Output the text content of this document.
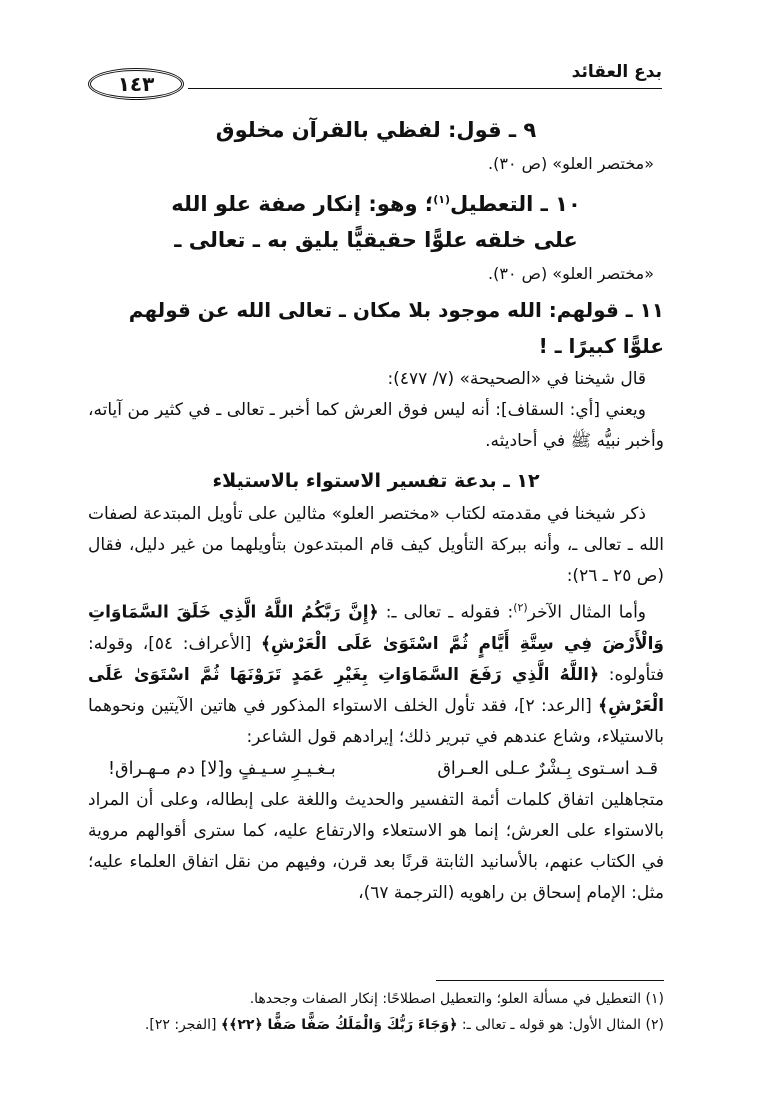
بدع العقائد
١٤٣
٩ ـ قول: لفظي بالقرآن مخلوق
«مختصر العلو» (ص ٣٠).
١٠ ـ التعطيل$^{(١)}$؛ وهو: إنكار صفة علو الله
على خلقه علوًّا حقيقيًّا يليق به ـ تعالى ـ
«مختصر العلو» (ص ٣٠).
١١ ـ قولهم: الله موجود بلا مكان ـ تعالى الله عن قولهم علوًّا كبيرًا ـ !

قال شيخنا في «الصحيحة» (٧/ ٤٧٧):

ويعني [أي: السقاف]: أنه ليس فوق العرش كما أخبر ـ تعالى ـ في كثير من آياته، وأخبر نبيُّه ﷺ في أحاديثه.

١٢ ـ بدعة تفسير الاستواء بالاستيلاء

ذكر شيخنا في مقدمته لكتاب «مختصر العلو» مثالين على تأويل المبتدعة لصفات الله ـ تعالى ـ، وأنه ببركة التأويل كيف قام المبتدعون بتأويلهما من غير دليل، فقال (ص ٢٥ ـ ٢٦):

وأما المثال الآخر$^{(٢)}$: فقوله ـ تعالى ـ: ﴿إِنَّ رَبَّكُمُ اللَّهُ الَّذِي خَلَقَ السَّمَاوَاتِ وَالْأَرْضَ فِي سِتَّةِ أَيَّامٍ ثُمَّ اسْتَوَىٰ عَلَى الْعَرْشِ﴾ [الأعراف: ٥٤]، وقوله: فتأولوه: ﴿اللَّهُ الَّذِي رَفَعَ السَّمَاوَاتِ بِغَيْرِ عَمَدٍ تَرَوْنَهَا ثُمَّ اسْتَوَىٰ عَلَى الْعَرْشِ﴾ [الرعد: ٢]، فقد تأول الخلف الاستواء المذكور في هاتين الآيتين ونحوهما بالاستيلاء، وشاع عندهم في تبرير ذلك؛ إيرادهم قول الشاعر:

قـد اسـتوى بِـشْرٌ عـلى العـراق
بـغـيـرِ سـيـفٍ و[لا] دم مـهـراق!

متجاهلين اتفاق كلمات أئمة التفسير والحديث واللغة على إبطاله، وعلى أن المراد بالاستواء على العرش؛ إنما هو الاستعلاء والارتفاع عليه، كما سترى أقوالهم مروية في الكتاب عنهم، بالأسانيد الثابتة قرنًا بعد قرن، وفيهم من نقل اتفاق العلماء عليه؛ مثل: الإمام إسحاق بن راهويه (الترجمة ٦٧)،

(١) التعطيل في مسألة العلو؛ والتعطيل اصطلاحًا: إنكار الصفات وجحدها.
(٢) المثال الأول: هو قوله ـ تعالى ـ: ﴿وَجَاءَ رَبُّكَ وَالْمَلَكُ صَفًّا صَفًّا ﴿٢٢﴾﴾ [الفجر: ٢٢].
